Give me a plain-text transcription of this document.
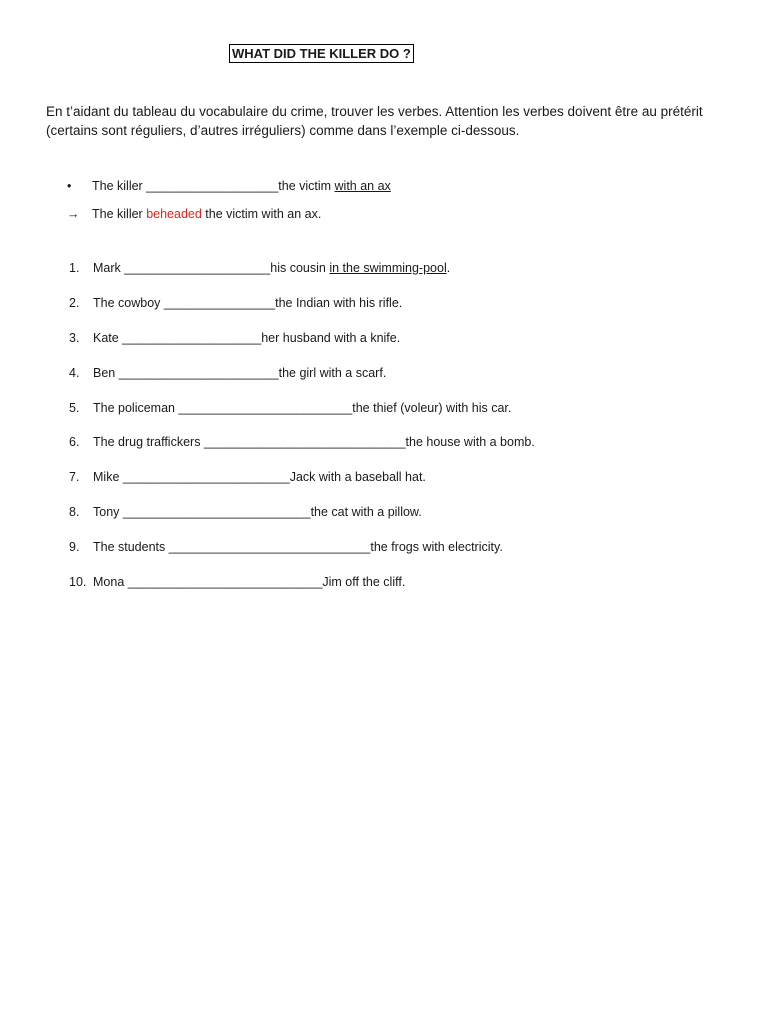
WHAT DID THE KILLER DO ?
En t’aidant du tableau du vocabulaire du crime, trouver les verbes. Attention les verbes doivent être au prétérit (certains sont réguliers, d’autres irréguliers) comme dans l’exemple ci-dessous.
• The killer ___________________the victim with an ax
→ The killer beheaded the victim with an ax.
1. Mark _____________________his cousin in the swimming-pool.
2. The cowboy ________________the Indian with his rifle.
3. Kate ____________________her husband with a knife.
4. Ben _______________________the girl with a scarf.
5. The policeman _________________________the thief (voleur) with his car.
6. The drug traffickers _____________________________the house with a bomb.
7. Mike ________________________Jack with a baseball hat.
8. Tony ___________________________the cat with a pillow.
9. The students _____________________________the frogs with electricity.
10. Mona ____________________________Jim off the cliff.
